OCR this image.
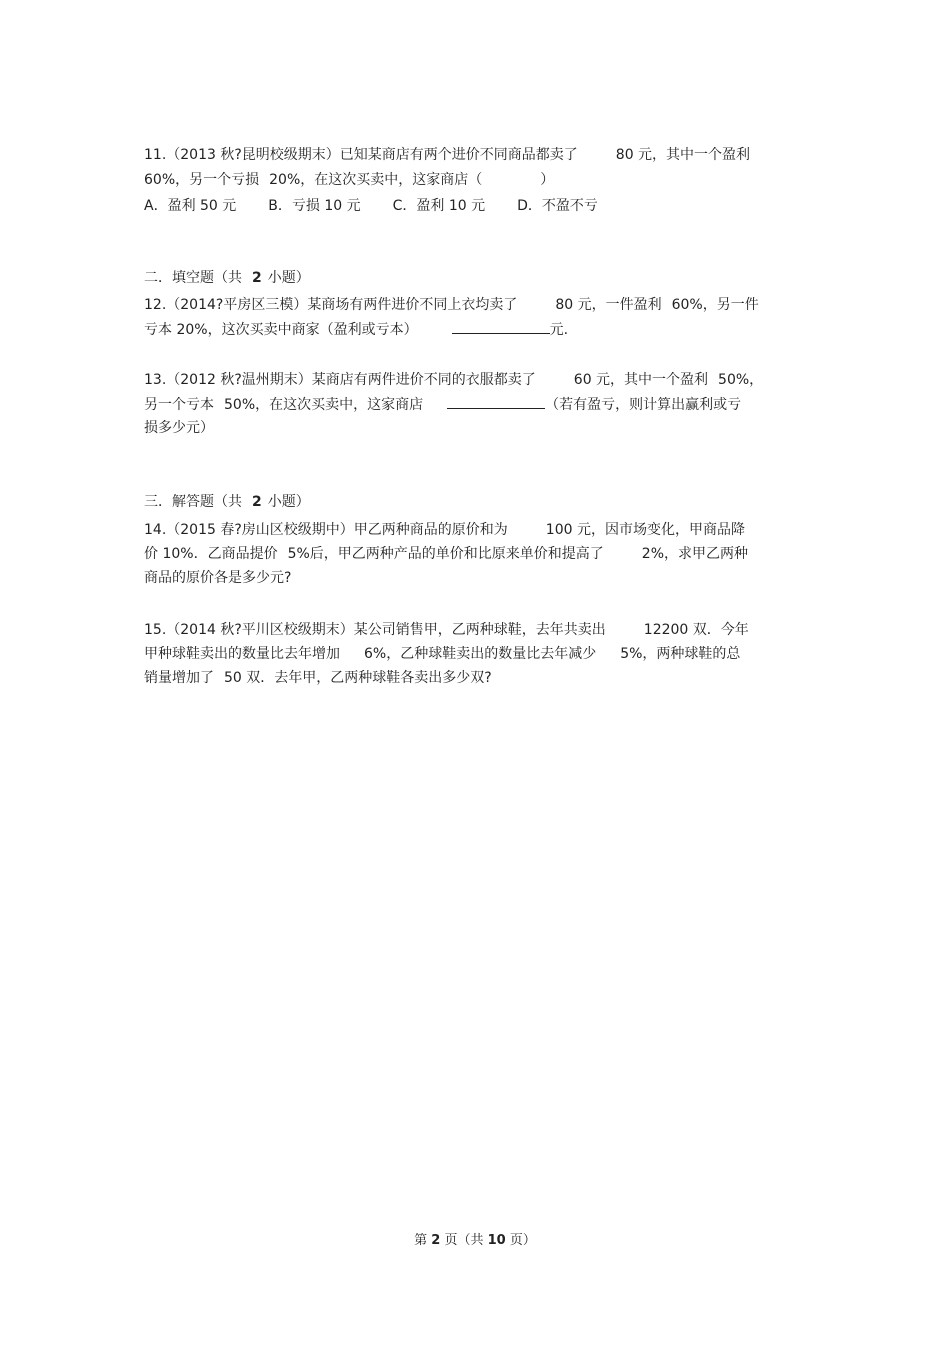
11.（2013 秋?昆明校级期末）已知某商店有两个进价不同商品都卖了	80 元，其中一个盈利
60%，另一个亏损 20%，在这次买卖中，这家商店（	）
A．盈利 50 元 B．亏损 10 元 C．盈利 10 元 D．不盈不亏
二．填空题（共 2 小题）
12.（2014?平房区三模）某商场有两件进价不同上衣均卖了	80 元，一件盈利 60%，另一件
亏本 20%，这次买卖中商家（盈利或亏本）	元.
13.（2012 秋?温州期末）某商店有两件进价不同的衣服都卖了	60 元，其中一个盈利 50%，
另一个亏本 50%，在这次买卖中，这家商店	（若有盈亏，则计算出赢利或亏
损多少元）
三．解答题（共 2 小题）
14.（2015 春?房山区校级期中）甲乙两种商品的原价和为	100 元，因市场变化，甲商品降
价 10%．乙商品提价 5%后，甲乙两种产品的单价和比原来单价和提高了	2%，求甲乙两种
商品的原价各是多少元?
15.（2014 秋?平川区校级期末）某公司销售甲，乙两种球鞋，去年共卖出	12200 双．今年
甲种球鞋卖出的数量比去年增加 6%，乙种球鞋卖出的数量比去年减少 5%，两种球鞋的总
销量增加了 50 双．去年甲，乙两种球鞋各卖出多少双?
第 2 页（共 10 页）
